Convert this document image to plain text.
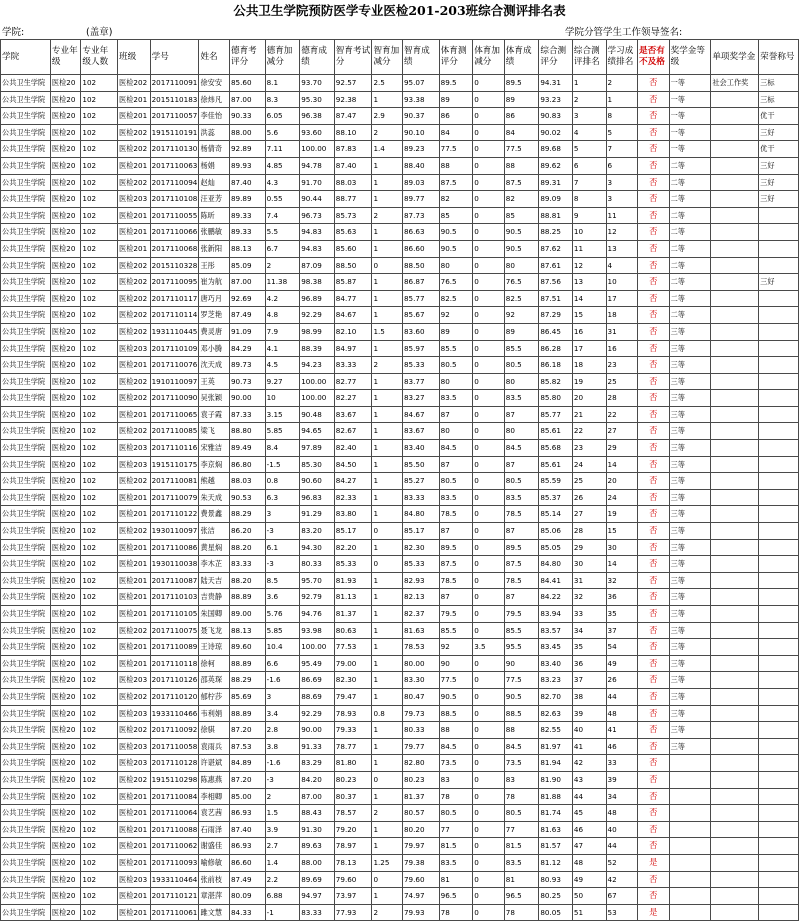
公共卫生学院预防医学专业医检201-203班综合测评排名表
学院:	(盖章)	学院分管学生工作领导签名:
学院	专业年级	专业年级人数	班级	学号	姓名	德育考评分	德育加减分	德育成绩	智育考试分	智育加减分	智育成绩	体育测评分	体育加减分	体育成绩	综合测评分	综合测评排名	学习成绩排名	是否有不及格	奖学金等级	单项奖学金	荣誉称号
公共卫生学院	医检20	102	医检202	2017110091	徐安安	85.60	8.1	93.70	92.57	2.5	95.07	89.5	0	89.5	94.31	1	2	否	一等	社会工作奖	三标
公共卫生学院	医检20	102	医检201	2015110183	徐炜凡	87.00	8.3	95.30	92.38	1	93.38	89	0	89	93.23	2	1	否	一等		三标
公共卫生学院	医检20	102	医检201	2017110057	李佳怡	90.33	6.05	96.38	87.47	2.9	90.37	86	0	86	90.83	3	8	否	一等		优干
公共卫生学院	医检20	102	医检202	1915110191	洪蕊	88.00	5.6	93.60	88.10	2	90.10	84	0	84	90.02	4	5	否	一等		三好
公共卫生学院	医检20	102	医检202	2017110130	杨倩奇	92.89	7.11	100.00	87.83	1.4	89.23	77.5	0	77.5	89.68	5	7	否	一等		优干
公共卫生学院	医检20	102	医检201	2017110063	杨娟	89.93	4.85	94.78	87.40	1	88.40	88	0	88	89.62	6	6	否	二等		三好
公共卫生学院	医检20	102	医检202	2017110094	赵灿	87.40	4.3	91.70	88.03	1	89.03	87.5	0	87.5	89.31	7	3	否	二等		三好
公共卫生学院	医检20	102	医检203	2017110108	汪亚芳	89.89	0.55	90.44	88.77	1	89.77	82	0	82	89.09	8	3	否	二等		三好
公共卫生学院	医检20	102	医检201	2017110055	陈昕	89.33	7.4	96.73	85.73	2	87.73	85	0	85	88.81	9	11	否	二等		
公共卫生学院	医检20	102	医检201	2017110066	张鹏敏	89.33	5.5	94.83	85.63	1	86.63	90.5	0	90.5	88.25	10	12	否	二等		
公共卫生学院	医检20	102	医检201	2017110068	张新阳	88.13	6.7	94.83	85.60	1	86.60	90.5	0	90.5	87.62	11	13	否	二等		
公共卫生学院	医检20	102	医检202	2015110328	王彤	85.09	2	87.09	88.50	0	88.50	80	0	80	87.61	12	4	否	二等		
公共卫生学院	医检20	102	医检202	2017110095	崔为航	87.00	11.38	98.38	85.87	1	86.87	76.5	0	76.5	87.56	13	10	否	二等		三好
公共卫生学院	医检20	102	医检202	2017110117	唐巧月	92.69	4.2	96.89	84.77	1	85.77	82.5	0	82.5	87.51	14	17	否	二等		
公共卫生学院	医检20	102	医检202	2017110114	罗芝艳	87.49	4.8	92.29	84.67	1	85.67	92	0	92	87.29	15	18	否	二等		
公共卫生学院	医检20	102	医检202	1931110445	费灵唐	91.09	7.9	98.99	82.10	1.5	83.60	89	0	89	86.45	16	31	否	三等		
公共卫生学院	医检20	102	医检203	2017110109	邓小腾	84.29	4.1	88.39	84.97	1	85.97	85.5	0	85.5	86.28	17	16	否	三等		
公共卫生学院	医检20	102	医检201	2017110076	沈天成	89.73	4.5	94.23	83.33	2	85.33	80.5	0	80.5	86.18	18	23	否	三等		
公共卫生学院	医检20	102	医检202	1910110097	王英	90.73	9.27	100.00	82.77	1	83.77	80	0	80	85.82	19	25	否	三等		
公共卫生学院	医检20	102	医检202	2017110090	吴张颖	90.00	10	100.00	82.27	1	83.27	83.5	0	83.5	85.80	20	28	否	三等		
公共卫生学院	医检20	102	医检201	2017110065	袁子霞	87.33	3.15	90.48	83.67	1	84.67	87	0	87	85.77	21	22	否	三等		
公共卫生学院	医检20	102	医检202	2017110085	梁飞	88.80	5.85	94.65	82.67	1	83.67	80	0	80	85.61	22	27	否	三等		
公共卫生学院	医检20	102	医检203	2017110116	宋雅洁	89.49	8.4	97.89	82.40	1	83.40	84.5	0	84.5	85.68	23	29	否	三等		
公共卫生学院	医检20	102	医检203	1915110175	李京焖	86.80	-1.5	85.30	84.50	1	85.50	87	0	87	85.61	24	14	否	三等		
公共卫生学院	医检20	102	医检202	2017110081	熊越	88.03	0.8	90.60	84.27	1	85.27	80.5	0	80.5	85.59	25	20	否	三等		
公共卫生学院	医检20	102	医检201	2017110079	朱天成	90.53	6.3	96.83	82.33	1	83.33	83.5	0	83.5	85.37	26	24	否	三等		
公共卫生学院	医检20	102	医检201	2017110122	费景鑫	88.29	3	91.29	83.80	1	84.80	78.5	0	78.5	85.14	27	19	否	三等		
公共卫生学院	医检20	102	医检202	1930110097	张洁	86.20	-3	83.20	85.17	0	85.17	87	0	87	85.06	28	15	否	三等		
公共卫生学院	医检20	102	医检201	2017110086	黄星焖	88.20	6.1	94.30	82.20	1	82.30	89.5	0	89.5	85.05	29	30	否	三等		
公共卫生学院	医检20	102	医检201	1930110038	李木芷	83.33	-3	80.33	85.33	0	85.33	87.5	0	87.5	84.80	30	14	否	三等		
公共卫生学院	医检20	102	医检201	2017110087	陆天吉	88.20	8.5	95.70	81.93	1	82.93	78.5	0	78.5	84.41	31	32	否	三等		
公共卫生学院	医检20	102	医检201	2017110103	吉贵静	88.89	3.6	92.79	81.13	1	82.13	87	0	87	84.22	32	36	否	三等		
公共卫生学院	医检20	102	医检201	2017110105	朱国卿	89.00	5.76	94.76	81.37	1	82.37	79.5	0	79.5	83.94	33	35	否	三等		
公共卫生学院	医检20	102	医检202	2017110075	聂飞龙	88.13	5.85	93.98	80.63	1	81.63	85.5	0	85.5	83.57	34	37	否	三等		
公共卫生学院	医检20	102	医检201	2017110089	王诗琼	89.60	10.4	100.00	77.53	1	78.53	92	3.5	95.5	83.45	35	54	否	三等		
公共卫生学院	医检20	102	医检201	2017110118	徐柯	88.89	6.6	95.49	79.00	1	80.00	90	0	90	83.40	36	49	否	三等		
公共卫生学院	医检20	102	医检203	2017110126	邵英琛	88.29	-1.6	86.69	82.30	1	83.30	77.5	0	77.5	83.23	37	26	否	三等		
公共卫生学院	医检20	102	医检202	2017110120	郁柠莎	85.69	3	88.69	79.47	1	80.47	90.5	0	90.5	82.70	38	44	否	三等		
公共卫生学院	医检20	102	医检203	1933110466	韦利娟	88.89	3.4	92.29	78.93	0.8	79.73	88.5	0	88.5	82.63	39	48	否	三等		
公共卫生学院	医检20	102	医检202	2017110092	徐骐	87.20	2.8	90.00	79.33	1	80.33	88	0	88	82.55	40	41	否	三等		
公共卫生学院	医检20	102	医检203	2017110058	袁雨兵	87.53	3.8	91.33	78.77	1	79.77	84.5	0	84.5	81.97	41	46	否	三等		
公共卫生学院	医检20	102	医检203	2017110128	许谌斌	84.89	-1.6	83.29	81.80	1	82.80	73.5	0	73.5	81.94	42	33	否			
公共卫生学院	医检20	102	医检202	1915110298	陈惠燕	87.20	-3	84.20	80.23	0	80.23	83	0	83	81.90	43	39	否			
公共卫生学院	医检20	102	医检201	2017110084	李相卿	85.00	2	87.00	80.37	1	81.37	78	0	78	81.88	44	34	否			
公共卫生学院	医检20	102	医检201	2017110064	袁艺茜	86.93	1.5	88.43	78.57	2	80.57	80.5	0	80.5	81.74	45	48	否			
公共卫生学院	医检20	102	医检201	2017110088	石雨泽	87.40	3.9	91.30	79.20	1	80.20	77	0	77	81.63	46	40	否			
公共卫生学院	医检20	102	医检201	2017110062	谢盛佳	86.93	2.7	89.63	78.97	1	79.97	81.5	0	81.5	81.57	47	44	否			
公共卫生学院	医检20	102	医检201	2017110093	喻修敏	86.60	1.4	88.00	78.13	1.25	79.38	83.5	0	83.5	81.12	48	52	是			
公共卫生学院	医检20	102	医检203	1933110464	张前枝	87.49	2.2	89.69	79.60	0	79.60	81	0	81	80.93	49	42	否			
公共卫生学院	医检20	102	医检201	2017110121	章湛萍	80.09	6.88	94.97	73.97	1	74.97	96.5	0	96.5	80.25	50	67	否			
公共卫生学院	医检20	102	医检201	2017110061	雎文慧	84.33	-1	83.33	77.93	2	79.93	78	0	78	80.05	51	53	是			
